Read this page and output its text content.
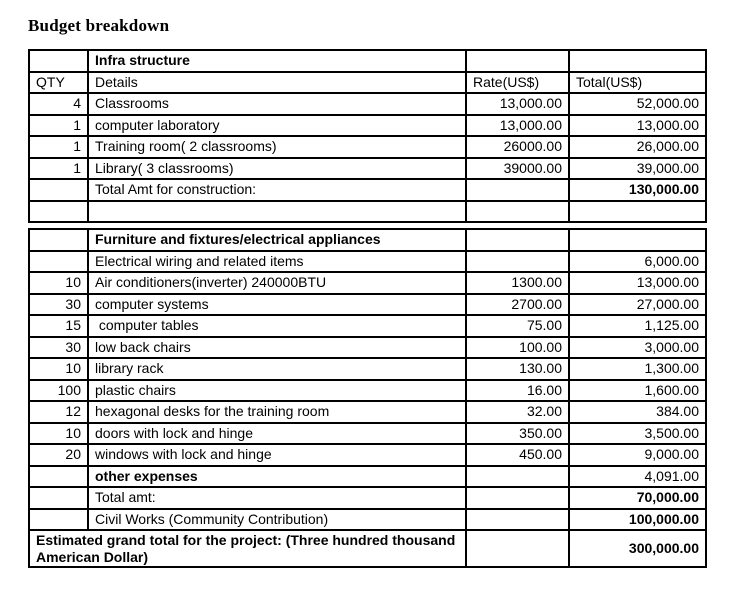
Budget breakdown
	Infra structure		
QTY	Details	Rate(US$)	Total(US$)
4	Classrooms	13,000.00	52,000.00
1	computer laboratory	13,000.00	13,000.00
1	Training room( 2 classrooms)	26000.00	26,000.00
1	Library( 3 classrooms)	39000.00	39,000.00
	Total Amt for construction:		130,000.00

	Furniture and fixtures/electrical appliances		
	Electrical wiring and related items		6,000.00
10	Air conditioners(inverter) 240000BTU	1300.00	13,000.00
30	computer systems	2700.00	27,000.00
15	computer tables	75.00	1,125.00
30	low back chairs	100.00	3,000.00
10	library rack	130.00	1,300.00
100	plastic chairs	16.00	1,600.00
12	hexagonal desks for the training room	32.00	384.00
10	doors with lock and hinge	350.00	3,500.00
20	windows with lock and hinge	450.00	9,000.00
	other expenses		4,091.00
	Total amt:		70,000.00
	Civil Works (Community Contribution)		100,000.00
Estimated grand total for the project: (Three hundred thousand
American Dollar)			300,000.00
